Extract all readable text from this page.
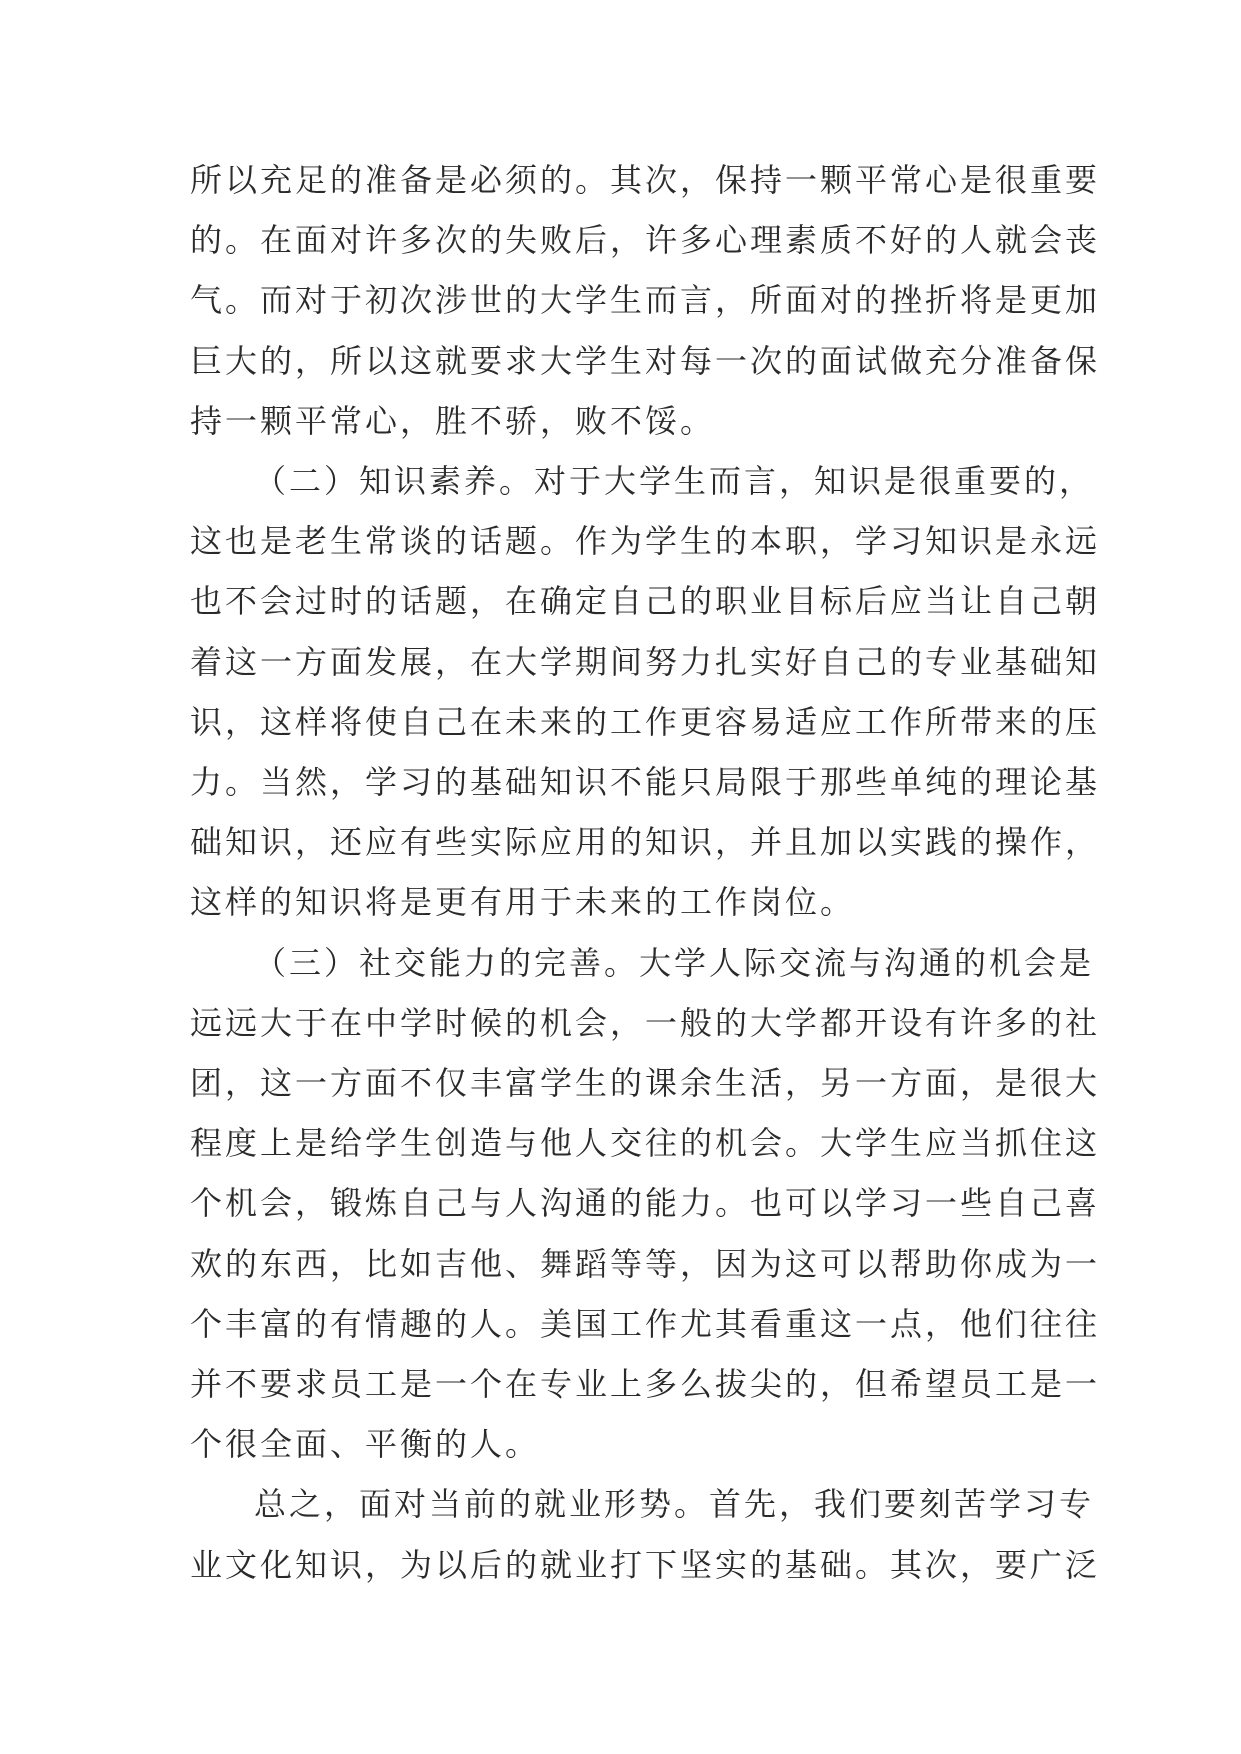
所以充足的准备是必须的。其次，保持一颗平常心是很重要
的。在面对许多次的失败后，许多心理素质不好的人就会丧
气。而对于初次涉世的大学生而言，所面对的挫折将是更加
巨大的，所以这就要求大学生对每一次的面试做充分准备保
持一颗平常心，胜不骄，败不馁。
（二）知识素养。对于大学生而言，知识是很重要的，
这也是老生常谈的话题。作为学生的本职，学习知识是永远
也不会过时的话题，在确定自己的职业目标后应当让自己朝
着这一方面发展，在大学期间努力扎实好自己的专业基础知
识，这样将使自己在未来的工作更容易适应工作所带来的压
力。当然，学习的基础知识不能只局限于那些单纯的理论基
础知识，还应有些实际应用的知识，并且加以实践的操作，
这样的知识将是更有用于未来的工作岗位。
（三）社交能力的完善。大学人际交流与沟通的机会是
远远大于在中学时候的机会，一般的大学都开设有许多的社
团，这一方面不仅丰富学生的课余生活，另一方面，是很大
程度上是给学生创造与他人交往的机会。大学生应当抓住这
个机会，锻炼自己与人沟通的能力。也可以学习一些自己喜
欢的东西，比如吉他、舞蹈等等，因为这可以帮助你成为一
个丰富的有情趣的人。美国工作尤其看重这一点，他们往往
并不要求员工是一个在专业上多么拔尖的，但希望员工是一
个很全面、平衡的人。
总之，面对当前的就业形势。首先，我们要刻苦学习专
业文化知识，为以后的就业打下坚实的基础。其次，要广泛
